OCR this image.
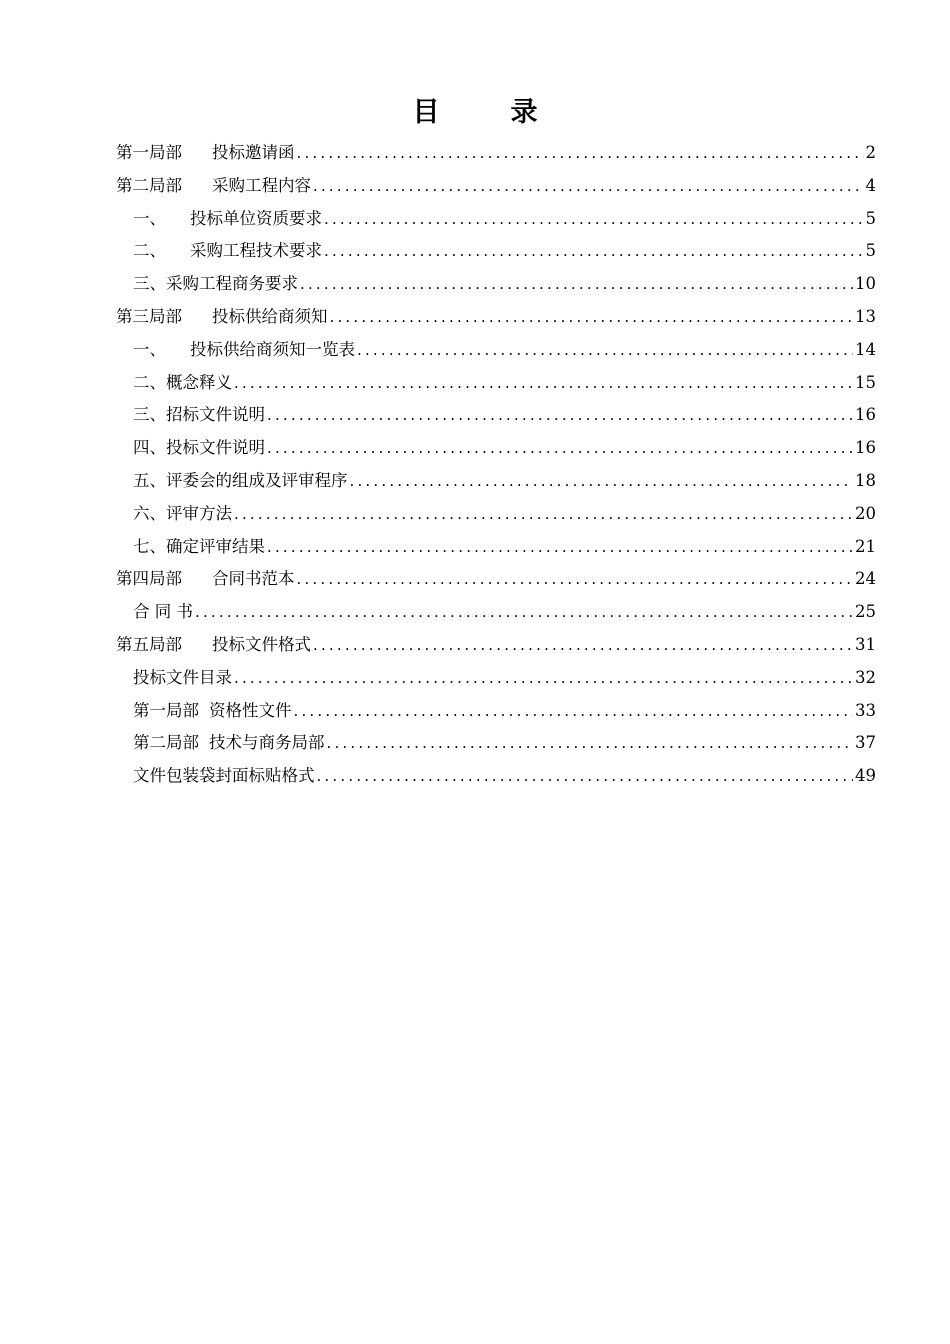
目　录
第一局部 投标邀请函 .....	2
第二局部 采购工程内容 .....	4
一、 投标单位资质要求 .....	5
二、 采购工程技术要求 .....	5
三、采购工程商务要求 .....	10
第三局部 投标供给商须知 .....	13
一、 投标供给商须知一览表 .....	14
二、概念释义 .....	15
三、招标文件说明 .....	16
四、投标文件说明 .....	16
五、评委会的组成及评审程序 .....	18
六、评审方法 .....	20
七、确定评审结果 .....	21
第四局部 合同书范本 .....	24
合 同 书 .....	25
第五局部 投标文件格式 .....	31
投标文件目录 .....	32
第一局部 资格性文件 .....	33
第二局部 技术与商务局部 .....	37
文件包装袋封面标贴格式 .....	49
